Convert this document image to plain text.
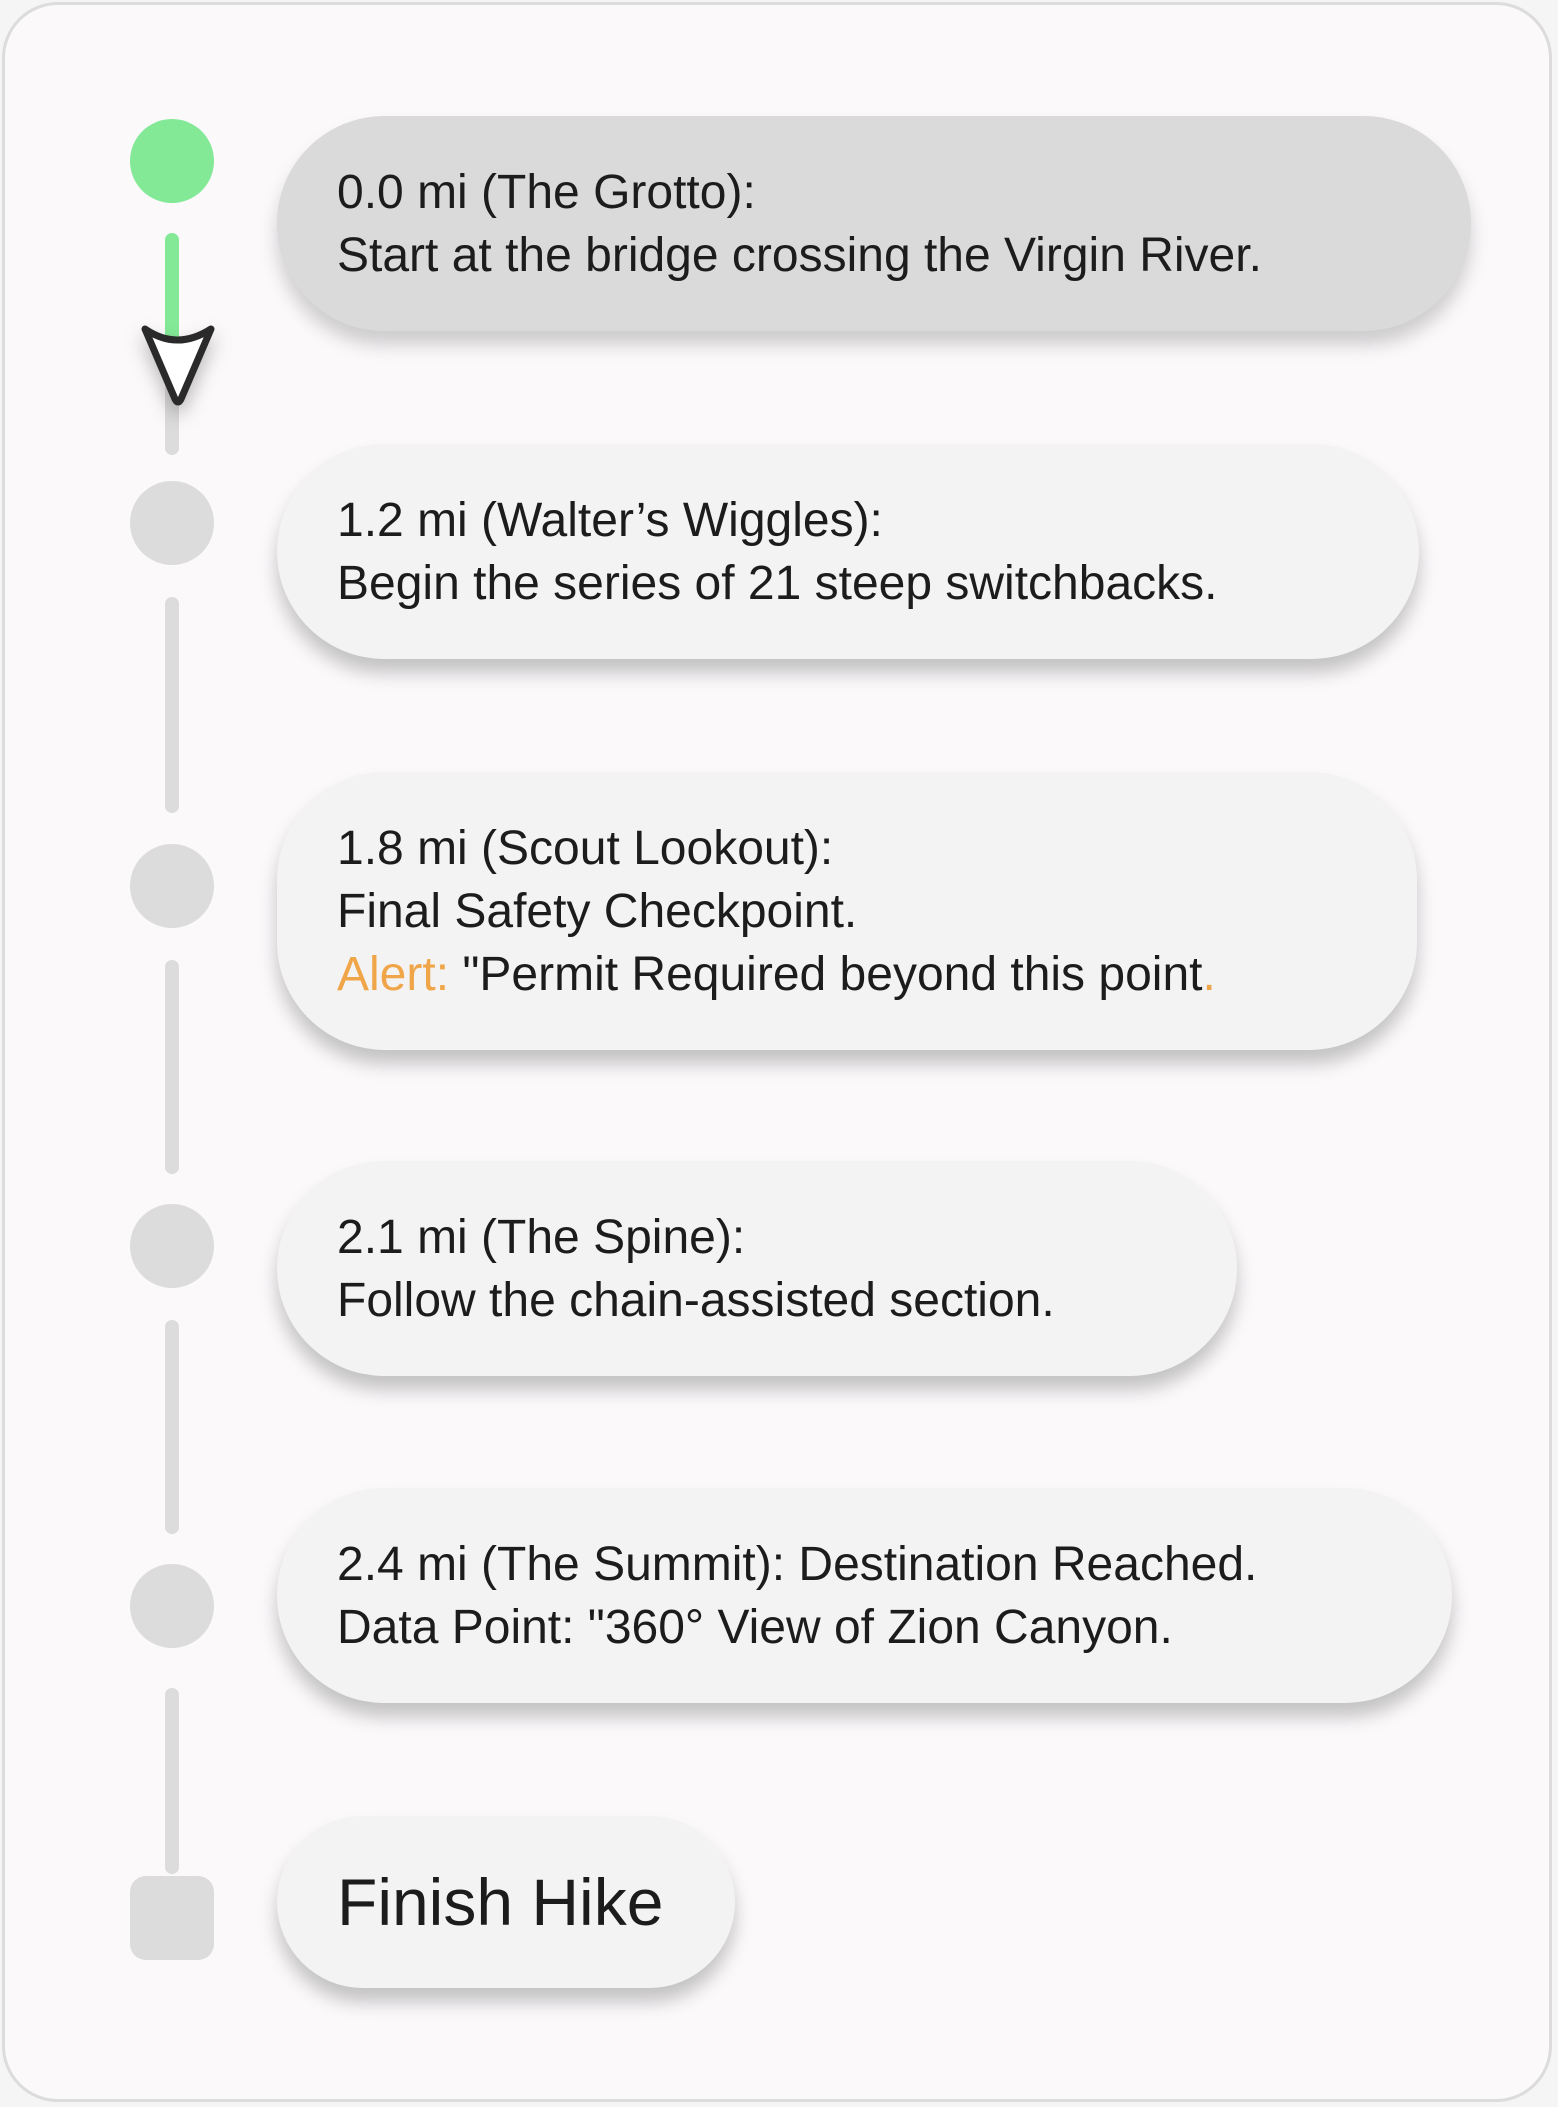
0.0 mi (The Grotto):
Start at the bridge crossing the Virgin River.
1.2 mi (Walter’s Wiggles):
Begin the series of 21 steep switchbacks.
1.8 mi (Scout Lookout):
Final Safety Checkpoint.
Alert: "Permit Required beyond this point.
2.1 mi (The Spine):
Follow the chain-assisted section.
2.4 mi (The Summit): Destination Reached.
Data Point: "360° View of Zion Canyon.
Finish Hike
